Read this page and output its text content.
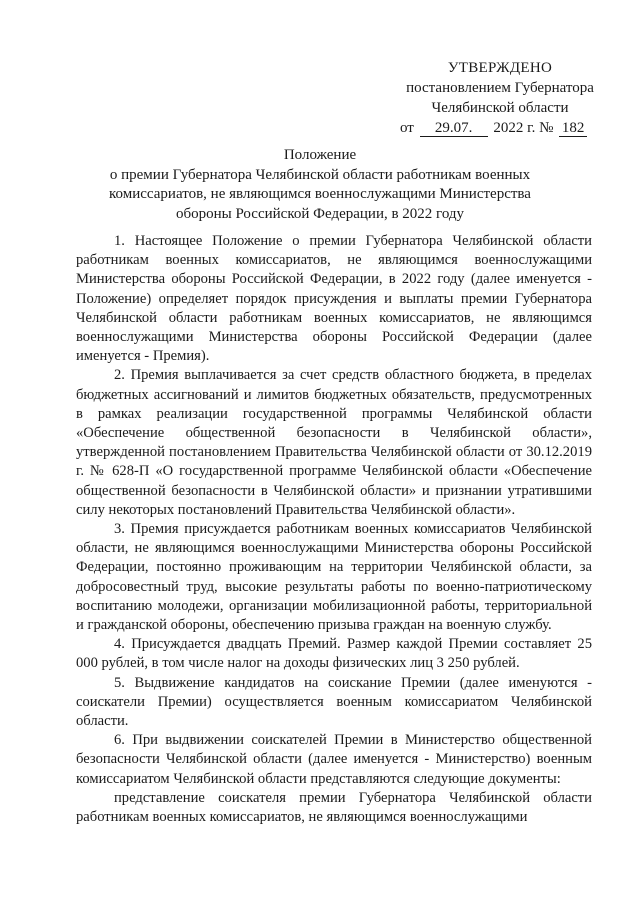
УТВЕРЖДЕНО
постановлением Губернатора
Челябинской области
от 29.07. 2022 г. № 182
Положение
о премии Губернатора Челябинской области работникам военных комиссариатов, не являющимся военнослужащими Министерства обороны Российской Федерации, в 2022 году

1. Настоящее Положение о премии Губернатора Челябинской области работникам военных комиссариатов, не являющимся военнослужащими Министерства обороны Российской Федерации, в 2022 году (далее именуется - Положение) определяет порядок присуждения и выплаты премии Губернатора Челябинской области работникам военных комиссариатов, не являющимся военнослужащими Министерства обороны Российской Федерации (далее именуется - Премия).

2. Премия выплачивается за счет средств областного бюджета, в пределах бюджетных ассигнований и лимитов бюджетных обязательств, предусмотренных в рамках реализации государственной программы Челябинской области «Обеспечение общественной безопасности в Челябинской области», утвержденной постановлением Правительства Челябинской области от 30.12.2019 г. № 628-П «О государственной программе Челябинской области «Обеспечение общественной безопасности в Челябинской области» и признании утратившими силу некоторых постановлений Правительства Челябинской области».

3. Премия присуждается работникам военных комиссариатов Челябинской области, не являющимся военнослужащими Министерства обороны Российской Федерации, постоянно проживающим на территории Челябинской области, за добросовестный труд, высокие результаты работы по военно-патриотическому воспитанию молодежи, организации мобилизационной работы, территориальной и гражданской обороны, обеспечению призыва граждан на военную службу.

4. Присуждается двадцать Премий. Размер каждой Премии составляет 25 000 рублей, в том числе налог на доходы физических лиц 3 250 рублей.

5. Выдвижение кандидатов на соискание Премии (далее именуются - соискатели Премии) осуществляется военным комиссариатом Челябинской области.

6. При выдвижении соискателей Премии в Министерство общественной безопасности Челябинской области (далее именуется - Министерство) военным комиссариатом Челябинской области представляются следующие документы:

представление соискателя премии Губернатора Челябинской области работникам военных комиссариатов, не являющимся военнослужащими
